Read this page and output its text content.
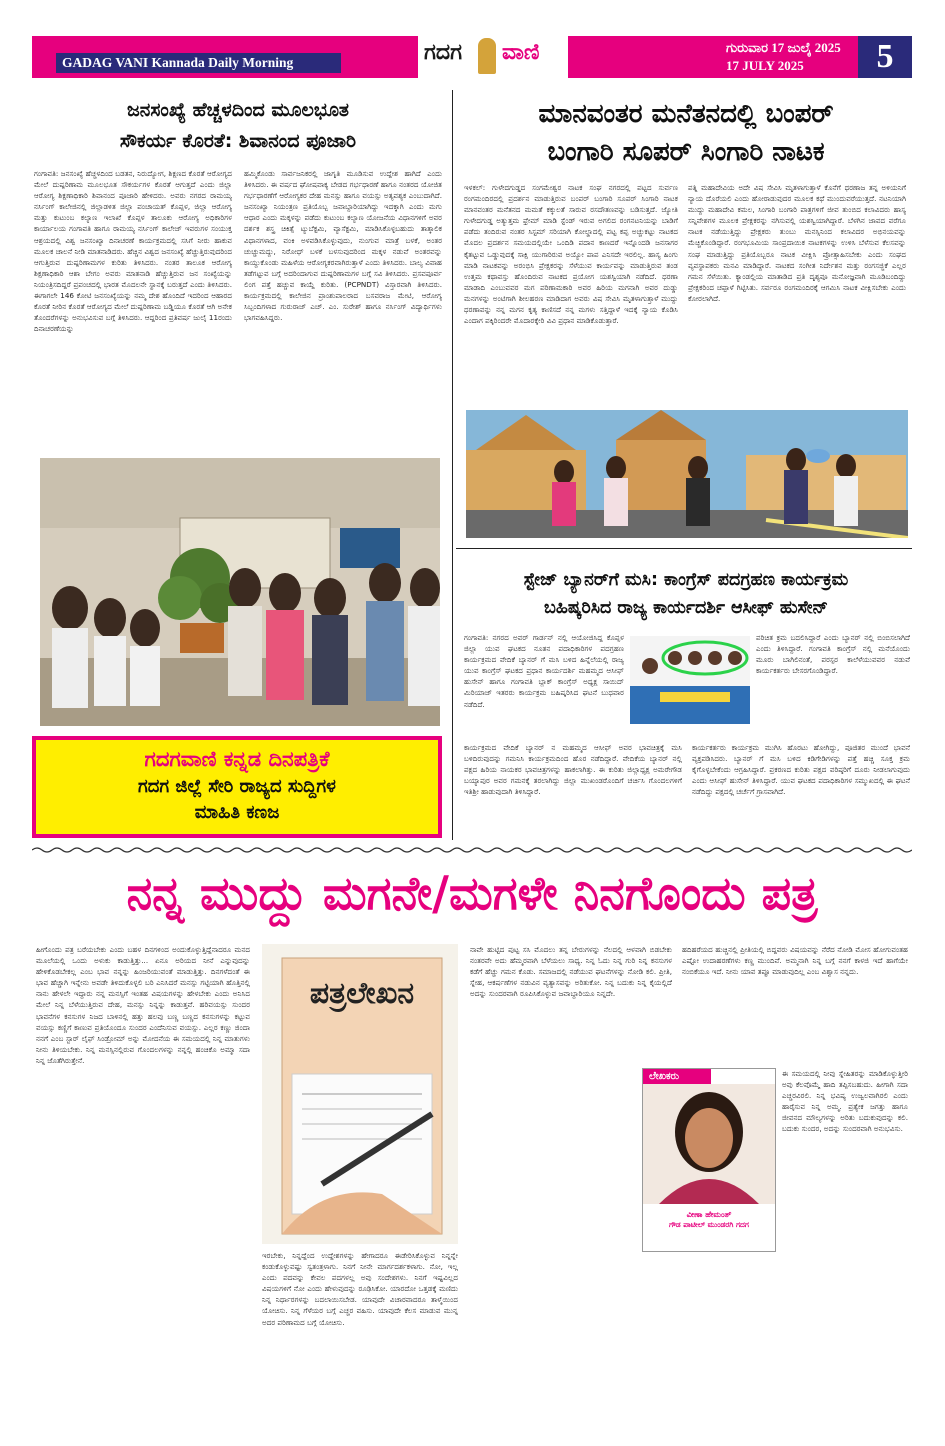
GADAG VANI Kannada Daily Morning	ಗದಗ ವಾಣಿ	ಗುರುವಾರ 17 ಜುಲೈ 2025
17 JULY 2025	5
ಜನಸಂಖ್ಯೆ ಹೆಚ್ಚಳದಿಂದ ಮೂಲಭೂತ
ಸೌಕರ್ಯ ಕೊರತೆ: ಶಿವಾನಂದ ಪೂಜಾರಿ
ಗಂಗಾವತಿ: ಜನಸಂಖ್ಯೆ ಹೆಚ್ಚಳದಿಂದ ಬಡತನ, ನಿರುದ್ಯೋಗ, ಶಿಕ್ಷಣದ ಕೊರತೆ ಆರೋಗ್ಯದ ಮೇಲೆ ದುಷ್ಪರಿಣಾಮ ಮೂಲಭೂತ ಸೌಕರ್ಯಗಳ ಕೊರತೆ ಆಗುತ್ತದೆ ಎಂದು ಜಿಲ್ಲಾ ಆರೋಗ್ಯ ಶಿಕ್ಷಣಾಧಿಕಾರಿ ಶಿವಾನಂದ ಪೂಜಾರಿ ಹೇಳಿದರು. ಅವರು ನಗರದ ರಾಮಯ್ಯ ನರ್ಸಿಂಗ್ ಕಾಲೇಜಿನಲ್ಲಿ ಜಿಲ್ಲಾಡಳಿತ ಜಿಲ್ಲಾ ಪಂಚಾಯತ್ ಕೊಪ್ಪಳ, ಜಿಲ್ಲಾ ಆರೋಗ್ಯ ಮತ್ತು ಕುಟುಂಬ ಕಲ್ಯಾಣ ಇಲಾಖೆ ಕೊಪ್ಪಳ ತಾಲೂಕು ಆರೋಗ್ಯ ಅಧಿಕಾರಿಗಳ ಕಾರ್ಯಾಲಯ ಗಂಗಾವತಿ ಹಾಗೂ ರಾಮಯ್ಯ ನರ್ಸಿಂಗ್ ಕಾಲೇಜ್ ಇವರುಗಳ ಸಂಯುಕ್ತ ಆಶ್ರಯದಲ್ಲಿ ವಿಶ್ವ ಜನಸಂಖ್ಯಾ ದಿನಾಚರಣೆ ಕಾರ್ಯಕ್ರಮದಲ್ಲಿ ಸಸಿಗೆ ನೀರು ಹಾಕುವ ಮೂಲಕ ಚಾಲನೆ ನೀಡಿ ಮಾತನಾಡಿದರು. ಹೆಚ್ಚಿನ ವಿಶ್ವದ ಜನಸಂಖ್ಯೆ ಹೆಚ್ಚುತ್ತಿರುವುದರಿಂದ ಆಗುತ್ತಿರುವ ದುಷ್ಪರಿಣಾಮಗಳ ಕುರಿತು ತಿಳಿಸಿದರು. ನಂತರ ತಾಲೂಕ ಆರೋಗ್ಯ ಶಿಕ್ಷಣಾಧಿಕಾರಿ ಆಶಾ ಬೇಗಂ ಅವರು ಮಾತನಾಡಿ ಹೆಚ್ಚುತ್ತಿರುವ ಜನ ಸಂಖ್ಯೆಯನ್ನು ನಿಯಂತ್ರಿಸದಿದ್ದರೆ ಪ್ರಪಂಚದಲ್ಲಿ ಭಾರತ ಮೊದಲನೇ ಸ್ಥಾನಕ್ಕೆ ಬರುತ್ತದೆ ಎಂದು ತಿಳಿಸಿದರು. ಈಗಾಗಲೇ 146 ಕೋಟಿ ಜನಸಂಖ್ಯೆಯನ್ನು ನಮ್ಮ ದೇಶ ಹೊಂದಿದೆ ಇದರಿಂದ ಆಹಾರದ ಕೊರತೆ ನೀರಿನ ಕೊರತೆ ಆರೋಗ್ಯದ ಮೇಲೆ ದುಷ್ಪರಿಣಾಮ ಬಡ್ಡಿಯೂ ಕೊರತೆ ಆಗಿ ಅನೇಕ ತೊಂದರೆಗಳನ್ನು ಅನುಭವಿಸುವ ಬಗ್ಗೆ ತಿಳಿಸಿದರು. ಆದ್ದರಿಂದ ಪ್ರತಿವರ್ಷ ಜುಲೈ 11ರಂದು ದಿನಾಚರಣೆಯನ್ನು
ಹಮ್ಮಿಕೊಂಡು ಸಾರ್ವಜನಿಕರಲ್ಲಿ ಜಾಗೃತಿ ಮೂಡಿಸುವ ಉದ್ದೇಶ ಹಾಗಿದೆ ಎಂದು ತಿಳಿಸಿದರು. ಈ ವರ್ಷದ ಘೋಷವಾಕ್ಯ ಬೇಡದ ಗರ್ಭಧಾರಣೆ ಹಾಗೂ ನಂತರದ ಯೋಜಿತ ಗರ್ಭಧಾರಣೆಗೆ ಆರೋಗ್ಯಕರ ದೇಹ ಮನಸ್ಸು ಹಾಗೂ ವಯಸ್ಸು ಅತ್ಯವಶ್ಯಕ ಎಂಬುದಾಗಿದೆ. ಜನಸಂಖ್ಯಾ ನಿಯಂತ್ರಣ ಪ್ರತಿಯೊಬ್ಬ ಜವಾಬ್ದಾರಿಯಾಗಿದ್ದು ಇದಕ್ಕಾಗಿ ಎಂದು ಮಗು ಆಧಾರ ಎಂದು ಮಕ್ಕಳನ್ನು ಪಡೆದು ಕುಟುಂಬ ಕಲ್ಯಾಣ ಯೋಜನೆಯ ವಿಧಾನಗಳಿಗೆ ಅವರ ದರ್ಶಕ ಶಸ್ತ್ರ ಚಿಕಿತ್ಸೆ ಟ್ಯುಬೆಕ್ಟಮಿ, ವ್ಯಾಸೆಕ್ಟಮಿ, ಮಾಡಿಸಿಕೊಳ್ಳಬಹುದು ತಾತ್ಕಾಲಿಕ ವಿಧಾನಗಳಾದ, ವಂಕಿ ಅಳವಡಿಸಿಕೊಳ್ಳುವುದು, ನುಂಗುವ ಮಾತ್ರೆ ಬಳಕೆ, ಅಂತರ ಚುಚ್ಚುಮದ್ದು, ನಿರೋಧ್ ಬಳಕೆ ಬಳಸುವುದರಿಂದ ಮಕ್ಕಳ ನಡುವೆ ಅಂತರವನ್ನು ಕಾಯ್ದುಕೊಂಡು ಮಹಿಳೆಯ ಆರೋಗ್ಯಕರವಾಗಿರುತ್ತಾಳೆ ಎಂದು ತಿಳಿಸಿದರು. ಬಾಲ್ಯ ವಿವಾಹ ತಡೆಗಟ್ಟುವ ಬಗ್ಗೆ ಅದರಿಂದಾಗುವ ದುಷ್ಪರಿಣಾಮಗಳ ಬಗ್ಗೆ ಸವಿ ತಿಳಿಸಿದರು. ಪ್ರಸವಪೂರ್ವ ಲಿಂಗ ಪತ್ತೆ ಹಚ್ಚುವ ಕಾಯ್ದೆ ಕುರಿತು. (PCPNDT) ವಿಸ್ತಾರವಾಗಿ ತಿಳಿಸಿದರು. ಕಾರ್ಯಕ್ರಮದಲ್ಲಿ ಕಾಲೇಜಿನ ಪ್ರಾಂಶುಪಾಲರಾದ ಬಸವರಾಜ ಮೇಟಿ, ಆರೋಗ್ಯ ಸಿಬ್ಬಂದಿಗಳಾದ ಗುರುರಾಜ್ ಎಚ್. ಎಂ. ಸುರೇಶ್ ಹಾಗೂ ನರ್ಸಿಂಗ್ ವಿದ್ಯಾರ್ಥಿಗಳು ಭಾಗವಹಿಸಿದ್ದರು.
ಗದಗವಾಣಿ ಕನ್ನಡ ದಿನಪತ್ರಿಕೆ
ಗದಗ ಜಿಲ್ಲೆ ಸೇರಿ ರಾಜ್ಯದ ಸುದ್ದಿಗಳ
ಮಾಹಿತಿ ಕಣಜ
ಮಾನವಂತರ ಮನೆತನದಲ್ಲಿ ಬಂಪರ್
ಬಂಗಾರಿ ಸೂಪರ್ ಸಿಂಗಾರಿ ನಾಟಕ
ಇಳಕಲ್: ಗುಳೇದಗುಡ್ಡದ ಸಂಗಮೇಶ್ವರ ನಾಟಕ ಸಂಘ ನಗರದಲ್ಲಿ ಪಟ್ಟದ ಸುರ್ವಣ ರಂಗಮಂದಿರದಲ್ಲಿ ಪ್ರದರ್ಶನ ಮಾಡುತ್ತಿರುವ ಬಂಪರ್ ಬಂಗಾರಿ ಸೂಪರ್ ಸಿಂಗಾರಿ ನಾಟಕ ಮಾನವಂತರ ಮನೆತನದ ಮಮತೆ ಕಕ್ಕುಲತೆ ಸಾರುವ ರಸದೌತಣವನ್ನು ಬಡಿಸುತ್ತದೆ. ಜ್ಯೋತಿ ಗುಳೇದಗುಡ್ಡ ಅತ್ಯುತ್ತಮ ಫ್ರೇಮ್ ಮಾಡಿ ಸ್ಟೆಂಡ್ ಇರುವ ಅಗಲಿದ ರಂಗನಟನಿಯನ್ನು ಬಾಡಿಗೆ ಪಡೆದು ತಂದಿರುವ ನಂತರ ಸಿಸ್ಟಮ್ ಸರಿಯಾಗಿ ಕೋಲ್ಡಾದಲ್ಲಿ ಪಟ್ಟ ಕಪ್ಪ ಅಚ್ಚುಕಟ್ಟು ನಾಟಕದ ಮೊದಲ ಪ್ರದರ್ಶನ ಸಮಯದಲ್ಲಿಯೇ ಒಂದಿಡಿ ಪದಾನ ಕಾಣದರೆ ಇನ್ನೊಂದಡಿ ಜನಸಾಗರ ಕೈತಟ್ಟುವ ಒಡ್ಡುವುದಕ್ಕೆ ಸಾಕ್ಷಿ ಯುಗಾರಿರುವ ಅಯ್ಯೋ ಪಾಪ ಎನಿಸದೇ ಇರಲಿಲ್ಲ. ಹಾಸ್ಯ ಹಿಂಗು ಮಾಡಿ ನಾಟಕವನ್ನು ಅರಂಭಿಸಿ ಪ್ರೇಕ್ಷಕರನ್ನು ಸೆಳೆಯುವ ಕಾರ್ಯವನ್ನು ಮಾಡುತ್ತಿರುವ ತಂಡ ಉತ್ತಮ ಕಥಾವಸ್ತು ಹೊಂದಿರುವ ನಾಟಕದ ಪ್ರಯೋಗ ಯಶಸ್ವಿಯಾಗಿ ನಡೆದಿದೆ. ಧರಣಾ ಮಾಡಾದಿ ಎಂಬುವವರ ಮಗ ಪರಿಣಾಮಕಾರಿ ಅವರ ಹಿರಿಯ ಮಗನಾಗಿ ಅವರ ದುಡ್ಡು ಮನಗಳನ್ನು ಅಂಟಿಗಾಗಿ ಶೀಲಹರಣ ಮಾಡಿದಾಗ ಅವರು ವಿಷ ಸೇವಿಸಿ ಮೃತಳಾಗುತ್ತಾಳೆ ಮುದ್ದು ಧರಣಾವನ್ನು ನನ್ನ ಮಗನ ಕೃತ್ಯ ಕಾಣಿಸದೆ ನನ್ನ ಮಗಳು ಸತ್ತಿದ್ದಾಳೆ ಇದಕ್ಕೆ ನ್ಯಾಯ ಕೊಡಿಸಿ ಎಂದಾಗ ಪಕ್ಕಿರಿಂದರೇ ಮೊದಾರಕ್ಕೇರಿ ವಿವಿ ಪ್ರಧಾನ ಮಾಡಿಕೊಡುತ್ತಾರೆ.
ಪತ್ನಿ ಮಹಾದೇವಿಯ ಅದೇ ವಿಷ ಸೇವಿಸಿ ಮೃತಳಾಗುತ್ತಾಳೆ ಕೊನೆಗೆ ಧರಣಾಜ ತನ್ನ ಅಳಿಯನಿಗೆ ನ್ಯಾಯ ದೊರೆಯಲಿ ಎಂದು ಹೋರಾಡುವುದರ ಮೂಲಕ ಕಥೆ ಮುಂದುವರೆಯುತ್ತದೆ. ನಟನಿಯಾಗಿ ಮುದ್ದು ಮಹಾದೇವಿ ಕಮಲ, ಸಿಂಗಾರಿ ಬಂಗಾರಿ ಪಾತ್ರಗಳಿಗೆ ಜೀವ ತುಂಬಿದ ಕಲಾವಿದರು ಹಾಸ್ಯ ಸನ್ನಿವೇಶಗಳ ಮೂಲಕ ಪ್ರೇಕ್ಷಕರನ್ನು ನಗಿಸುವಲ್ಲಿ ಯಶಸ್ವಿಯಾಗಿದ್ದಾರೆ. ಬೆಳಗಿನ ಜಾವದ ವರೆಗೂ ನಾಟಕ ನಡೆಯುತ್ತಿದ್ದು ಪ್ರೇಕ್ಷಕರು ತುಂಬು ಮನಸ್ಸಿನಿಂದ ಕಲಾವಿದರ ಅಭಿನಯವನ್ನು ಮೆಚ್ಚಿಕೊಂಡಿದ್ದಾರೆ. ರಂಗಭೂಮಿಯ ಸಾಂಪ್ರದಾಯಿಕ ನಾಟಕಗಳನ್ನು ಉಳಿಸಿ ಬೆಳೆಸುವ ಕೆಲಸವನ್ನು ಸಂಘ ಮಾಡುತ್ತಿದ್ದು ಪ್ರತಿಯೊಬ್ಬರೂ ನಾಟಕ ವೀಕ್ಷಿಸಿ ಪ್ರೋತ್ಸಾಹಿಸಬೇಕು ಎಂದು ಸಂಘದ ವ್ಯವಸ್ಥಾಪಕರು ಮನವಿ ಮಾಡಿದ್ದಾರೆ. ನಾಟಕದ ಸಂಗೀತ ನಿರ್ದೇಶನ ಮತ್ತು ರಂಗಸಜ್ಜಿಕೆ ಎಲ್ಲರ ಗಮನ ಸೆಳೆಯಿತು. ಕ್ಯಾಂಡಲ್ಲಿಯ ಮಾತಾಡಿದ ಪ್ರತಿ ದೃಶ್ಯವೂ ಮನೋಜ್ಞವಾಗಿ ಮೂಡಿಬಂದಿದ್ದು ಪ್ರೇಕ್ಷಕರಿಂದ ಚಪ್ಪಾಳೆ ಗಿಟ್ಟಿಸಿತು. ಸರ್ವರೂ ರಂಗಮಂದಿರಕ್ಕೆ ಆಗಮಿಸಿ ನಾಟಕ ವೀಕ್ಷಿಸಬೇಕು ಎಂದು ಕೋರಲಾಗಿದೆ.
ಸ್ಟೇಜ್ ಬ್ಯಾನರ್‌ಗೆ ಮಸಿ: ಕಾಂಗ್ರೆಸ್ ಪದಗ್ರಹಣ ಕಾರ್ಯಕ್ರಮ
ಬಹಿಷ್ಕರಿಸಿದ ರಾಜ್ಯ ಕಾರ್ಯದರ್ಶಿ ಆಸೀಫ್ ಹುಸೇನ್
ಗಂಗಾವತಿ: ನಗರದ ಅವರ್ ಗಾರ್ಡನ್ ನಲ್ಲಿ ಆಯೋಜಿಸಿದ್ದ ಕೊಪ್ಪಳ ಜಿಲ್ಲಾ ಯುವ ಘಟಕದ ನೂತನ ಪದಾಧಿಕಾರಿಗಳ ಪದಗ್ರಹಣ ಕಾರ್ಯಕ್ರಮದ ವೇದಿಕೆ ಬ್ಯಾನರ್ ಗೆ ಮಸಿ ಬಳಿದ ಹಿನ್ನೆಲೆಯಲ್ಲಿ ರಾಜ್ಯ ಯುವ ಕಾಂಗ್ರೆಸ್ ಘಟಕದ ಪ್ರಧಾನ ಕಾರ್ಯದರ್ಶಿ ಮಹಮ್ಮದ ಆಸೀಫ್ ಹುಸೇನ್ ಹಾಗೂ ಗಂಗಾವತಿ ಬ್ಲಾಕ್ ಕಾಂಗ್ರೆಸ್ ಅಧ್ಯಕ್ಷ ಸಾಯಿದ್ ಮಿರಿಯಾಜ್ ಇತರರು ಕಾರ್ಯಕ್ರಮ ಬಹಿಷ್ಕರಿಸಿದ ಘಟನೆ ಬುಧವಾರ ನಡೆದಿದೆ.
ಪರಿಚಿತ ಕ್ರಮ ಬದಲಿಸಿದ್ದಾರೆ ಎಂದು ಬ್ಯಾನರ್ ನಲ್ಲಿ ಬಿಂಬಿಸಲಾಗಿದೆ ಎಂದು ತಿಳಿಸಿದ್ದಾರೆ. ಗಂಗಾವತಿ ಕಾಂಗ್ರೆಸ್ ನಲ್ಲಿ ಮನೆಯೊಂದು ಮೂರು ಬಾಗಿಲಿನಂತೆ, ಪರಸ್ಪರ ಕಾಲೆಳೆಯುವವರ ನಡುವೆ ಕಾರ್ಯಕರ್ತರು ಬೇಸರಗೊಂಡಿದ್ದಾರೆ.
ಕಾರ್ಯಕ್ರಮದ ವೇದಿಕೆ ಬ್ಯಾನರ್ ನ ಮಹಮ್ಮದ ಆಸೀಫ್ ಅವರ ಭಾವಚಿತ್ರಕ್ಕೆ ಮಸಿ ಬಳಿದಿರುವುದನ್ನು ಗಮನಿಸಿ ಕಾರ್ಯಕ್ರಮದಿಂದ ಹೊರ ನಡೆದಿದ್ದಾರೆ. ವೇದಿಕೆಯ ಬ್ಯಾನರ್ ನಲ್ಲಿ ಪಕ್ಷದ ಹಿರಿಯ ನಾಯಕರ ಭಾವಚಿತ್ರಗಳನ್ನು ಹಾಕಲಾಗಿತ್ತು. ಈ ಕುರಿತು ಜಿಲ್ಲಾಧ್ಯಕ್ಷ ಅಮರೇಗೌಡ ಬಯ್ಯಾಪುರ ಅವರ ಗಮನಕ್ಕೆ ತರಲಾಗಿದ್ದು ಜಿಲ್ಲಾ ಮುಖಂಡರೊಂದಿಗೆ ಚರ್ಚಿಸಿ ಗೊಂದಲಗಳಿಗೆ ಇತಿಶ್ರೀ ಹಾಡುವುದಾಗಿ ತಿಳಿಸಿದ್ದಾರೆ.
ಕಾರ್ಯಕರ್ತರು ಕಾರ್ಯಕ್ರಮ ಮುಗಿಸಿ ಹೊರಟು ಹೋಗಿದ್ದು, ಪೂಜಿತರ ಮುಂದೆ ಭಾವನೆ ವ್ಯಕ್ತಪಡಿಸಿದರು. ಬ್ಯಾನರ್ ಗೆ ಮಸಿ ಬಳಿದ ಕಿಡಿಗೇಡಿಗಳನ್ನು ಪತ್ತೆ ಹಚ್ಚಿ ಸೂಕ್ತ ಕ್ರಮ ಕೈಗೊಳ್ಳಬೇಕೆಂದು ಆಗ್ರಹಿಸಿದ್ದಾರೆ. ಪ್ರಕರಣದ ಕುರಿತು ಪಕ್ಷದ ವರಿಷ್ಠರಿಗೆ ದೂರು ನೀಡಲಾಗುವುದು ಎಂದು ಆಸೀಫ್ ಹುಸೇನ್ ತಿಳಿಸಿದ್ದಾರೆ. ಯುವ ಘಟಕದ ಪದಾಧಿಕಾರಿಗಳ ಸಮ್ಮುಖದಲ್ಲಿ ಈ ಘಟನೆ ನಡೆದಿದ್ದು ಪಕ್ಷದಲ್ಲಿ ಚರ್ಚೆಗೆ ಗ್ರಾಸವಾಗಿದೆ.
ನನ್ನ ಮುದ್ದು ಮಗನೇ/ಮಗಳೇ ನಿನಗೊಂದು ಪತ್ರ
ಹೀಗೊಂದು ಪತ್ರ ಬರೆಯಬೇಕು ಎಂದು ಬಹಳ ದಿನಗಳಿಂದ ಅಂದುಕೊಳ್ಳುತ್ತಿದ್ದೆನಾದರೂ ಮನದ ಮೂಲೆಯಲ್ಲಿ ಒಂದು ಅಳುಕು ಕಾಡುತ್ತಿತ್ತು... ಏನೂ ಅರಿಯದ ನೀನೆ ಎನ್ನುವುದನ್ನು ಹೇಳಿಕೊಡಬೇಕಲ್ಲ ಎಂಬ ಭಾವ ನನ್ನನ್ನು ಹಿಂಜರಿಯುವಂತೆ ಮಾಡುತ್ತಿತ್ತು. ದಿನಗಳೆದಂತೆ ಈ ಭಾವ ಹೆಚ್ಚಾಗಿ ಇನ್ನೇನು ಅವಡೇ ತಿಳಿದುಕೊಳ್ಳಲಿ ಬರಿ ಎನಿಸಿದರೆ ಮನಸ್ಸು ಗಟ್ಟಿಯಾಗಿ ಹೊತ್ತಿನಲ್ಲಿ ನಾನು ಹೇಳಲೇ ಇದ್ದಾರು ನನ್ನ ಮನಸ್ಸಿಗೆ ಇಂತಹ ವಿಷಯಗಳನ್ನು ಹೇಳಬೇಕು ಎಂದು ಅನಿಸಿದ ಮೇಲೆ ನಿನ್ನ ಬೆಳೆಯುತ್ತಿರುವ ದೇಹ, ಮನಸ್ಸು ನಿನ್ನನ್ನು ಕಾಡುತ್ತವೆ. ಹರಿವಯಸ್ಸು ಸುಂದರ ಭಾವನೆಗಳ ಕನಸುಗಳ ನಿಜದ ಬಾಳಿನಲ್ಲಿ ಹತ್ತು ಹಲವು ಬಣ್ಣ ಬಣ್ಣದ ಕನಸುಗಳನ್ನು ಕಟ್ಟುವ ವಯಸ್ಸು ಕಣ್ಣಿಗೆ ಕಾಣುವ ಪ್ರತಿಯೊಂದೂ ಸುಂದರ ಎಂದೆನಿಸುವ ವಯಸ್ಸು. ಎಲ್ಲರ ಕಣ್ಣು ಜಿಂದಾ ನನಗೆ ಎಂಬ ಸ್ಟಾರ್ ಲೈಫ್ ಸಿಂಡ್ರೋಮ್ ಅನ್ನು ಮೋದನೆಯ ಈ ಸಮಯದಲ್ಲಿ ನಿನ್ನ ಮಾತುಗಳು ನೀನು ತಿಳಿಯಬೇಕು. ನಿನ್ನ ಮನಸ್ಸಿನಲ್ಲಿರುವ ಗೊಂದಲಗಳನ್ನು ನನ್ನಲ್ಲಿ ಹಂಚಿಕೊ ಅಮ್ಮಾ ಸದಾ ನಿನ್ನ ಜೊತೆಗಿರುತ್ತೇನೆ.
ಪತ್ರಲೇಖನ
ಇರಬೇಕು, ನಿನ್ನದ್ದೆಂದ ಉದ್ದೇಶಗಳನ್ನು ಹೇಗಾದರೂ ಈಡೇರಿಸಿಕೊಳ್ಳುವ ನಿನ್ನನ್ನೇ ಕಂಡುಕೊಳ್ಳುವಷ್ಟು ಸ್ವತಂತ್ರಳಾಗು. ನಿನಗೆ ನೀನೇ ಮಾರ್ಗದರ್ಶಕಳಾಗು. ನೋ, ಇಲ್ಲ ಎಂದು ಪದವನ್ನು ಕೇವಲ ಪದಗಳಲ್ಲ ಅವು ಸಂದೇಶಗಳು. ನಿನಗೆ ಇಷ್ಟವಿಲ್ಲದ ವಿಷಯಗಳಿಗೆ ನೋ ಎಂದು ಹೇಳುವುದನ್ನು ರೂಢಿಸಿಕೋ. ಯಾರದೋ ಒತ್ತಡಕ್ಕೆ ಮಣಿದು ನಿನ್ನ ನಿರ್ಧಾರಗಳನ್ನು ಬದಲಾಯಿಸಬೇಡ. ಯಾವುದೇ ವಿಚಾರವಾದರೂ ತಾಳ್ಮೆಯಿಂದ ಯೋಚಿಸು. ನಿನ್ನ ಗೆಳೆಯರ ಬಗ್ಗೆ ಎಚ್ಚರ ವಹಿಸು. ಯಾವುದೇ ಕೆಲಸ ಮಾಡುವ ಮುನ್ನ ಅದರ ಪರಿಣಾಮದ ಬಗ್ಗೆ ಯೋಚಿಸು.
ನಾವೇ ಹುಟ್ಟಿದ ಪುಟ್ಟ ಸಸಿ ಮೊದಲು ತನ್ನ ಬೇರುಗಳನ್ನು ನೆಲದಲ್ಲಿ ಆಳವಾಗಿ ಬಿಡಬೇಕು ನಂತರವೇ ಅದು ಹೆಮ್ಮರವಾಗಿ ಬೆಳೆಯಲು ಸಾಧ್ಯ. ನಿನ್ನ ಓದು ನಿನ್ನ ಗುರಿ ನಿನ್ನ ಕನಸುಗಳ ಕಡೆಗೆ ಹೆಚ್ಚು ಗಮನ ಕೊಡು. ಸಮಾಜದಲ್ಲಿ ನಡೆಯುವ ಘಟನೆಗಳನ್ನು ನೋಡಿ ಕಲಿ. ಪ್ರೀತಿ, ಸ್ನೇಹ, ಆಕರ್ಷಣೆಗಳ ನಡುವಿನ ವ್ಯತ್ಯಾಸವನ್ನು ಅರಿತುಕೋ. ನಿನ್ನ ಬದುಕು ನಿನ್ನ ಕೈಯಲ್ಲಿದೆ ಅದನ್ನು ಸುಂದರವಾಗಿ ರೂಪಿಸಿಕೊಳ್ಳುವ ಜವಾಬ್ದಾರಿಯೂ ನಿನ್ನದೇ.
ಹದಿಹರೆಯದ ಹುಚ್ಚಿನಲ್ಲಿ ಪ್ರೀತಿಯಲ್ಲಿ ಬಿದ್ದವರು ವಿಷಯವನ್ನು ನೆರೆದ ನೋಡಿ ಮೋಸ ಹೋಗುವಂತಹ ಎಷ್ಟೋ ಉದಾಹರಣೆಗಳು ಕಣ್ಣ ಮುಂದಿವೆ. ಅಮ್ಮನಾಗಿ ನಿನ್ನ ಬಗ್ಗೆ ನನಗೆ ಕಾಳಜಿ ಇದೆ ಹಾಗೆಯೇ ನಂಬಿಕೆಯೂ ಇದೆ. ನೀನು ಯಾವ ತಪ್ಪೂ ಮಾಡುವುದಿಲ್ಲ ಎಂಬ ವಿಶ್ವಾಸ ನನ್ನದು.
ಲೇಖಕರು
ವೀಣಾ ಹೇಮಂತ್
ಗೌಡ ಪಾಟೀಲ್ ಮುಂಡರಗಿ ಗದಗ
ಈ ಸಮಯದಲ್ಲಿ ನೀವು ಸ್ನೇಹಿತರನ್ನು ಮಾಡಿಕೊಳ್ಳುತ್ತೀರಿ ಅವು ಕೆಲವೊಮ್ಮೆ ಹಾದಿ ತಪ್ಪಿಸಬಹುದು. ಹೀಗಾಗಿ ಸದಾ ಎಚ್ಚರವಿರಲಿ. ನಿನ್ನ ಭವಿಷ್ಯ ಉಜ್ವಲವಾಗಿರಲಿ ಎಂದು ಹಾರೈಸುವ ನಿನ್ನ ಅಮ್ಮ. ಪ್ರತ್ಯೇಕ ಜಗತ್ತು ಹಾಗೂ ಜೀವನದ ಮೌಲ್ಯಗಳನ್ನು ಅರಿತು ಬದುಕುವುದನ್ನು ಕಲಿ. ಬದುಕು ಸುಂದರ, ಅದನ್ನು ಸುಂದರವಾಗಿ ಅನುಭವಿಸು.
